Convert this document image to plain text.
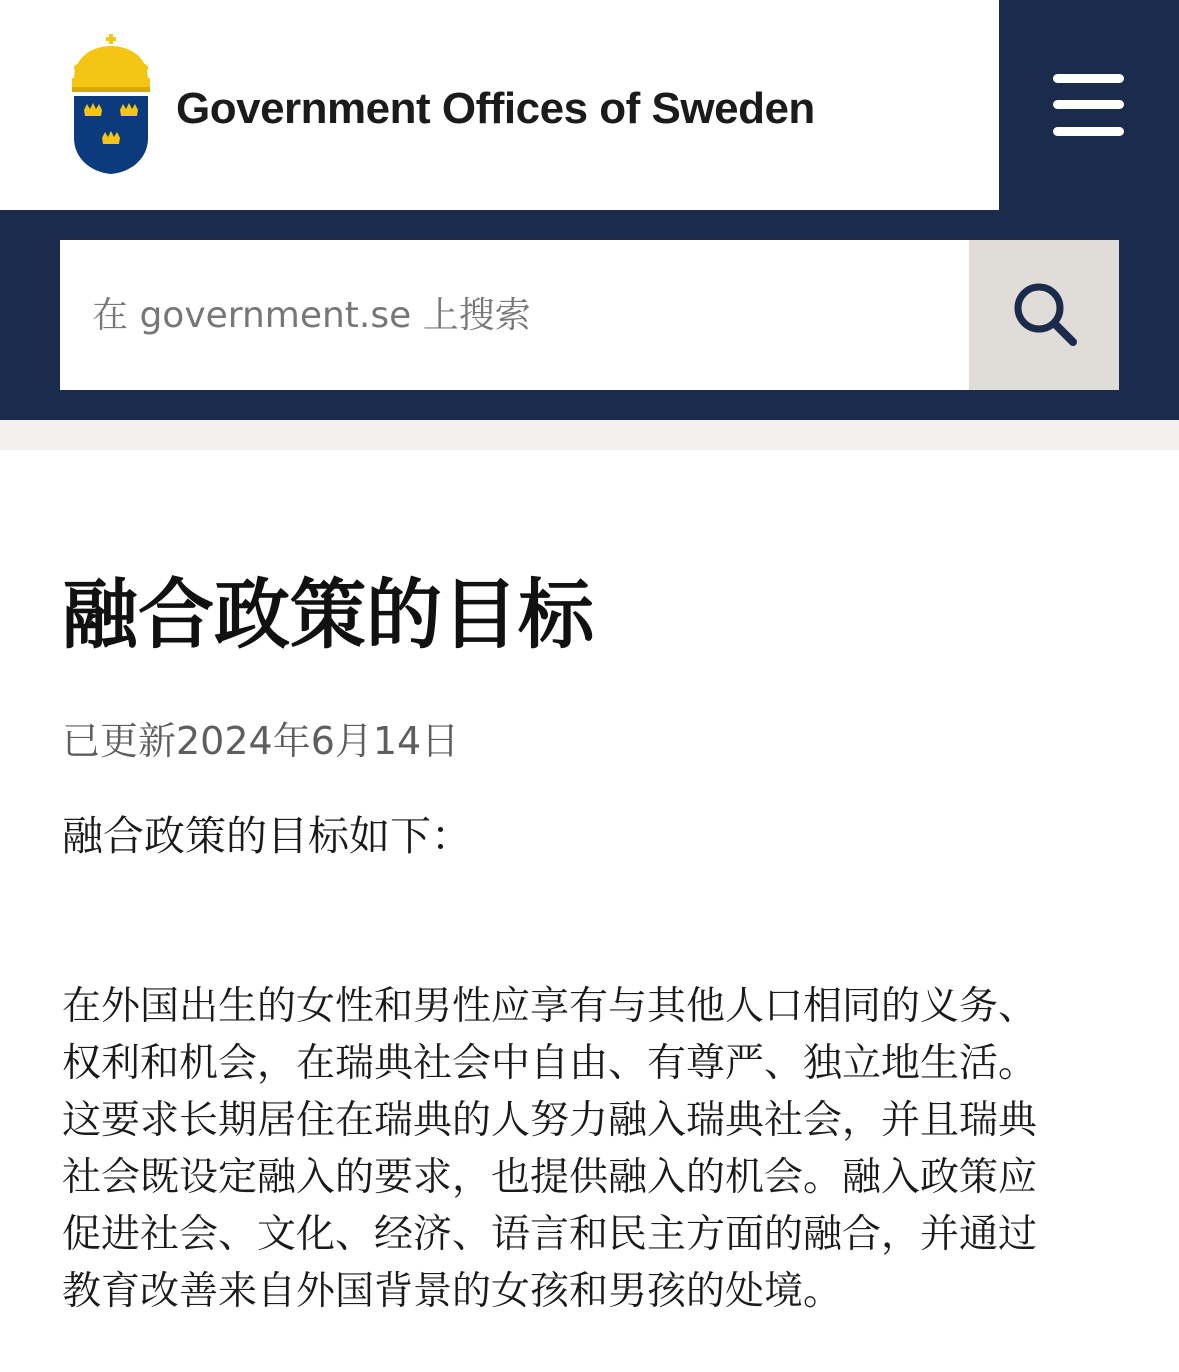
Government Offices of Sweden
在 government.se 上搜索
融合政策的目标
已更新2024年6月14日
融合政策的目标如下：

在外国出生的女性和男性应享有与其他人口相同的义务、
权利和机会，在瑞典社会中自由、有尊严、独立地生活。
这要求长期居住在瑞典的人努力融入瑞典社会，并且瑞典
社会既设定融入的要求，也提供融入的机会。融入政策应
促进社会、文化、经济、语言和民主方面的融合，并通过
教育改善来自外国背景的女孩和男孩的处境。
